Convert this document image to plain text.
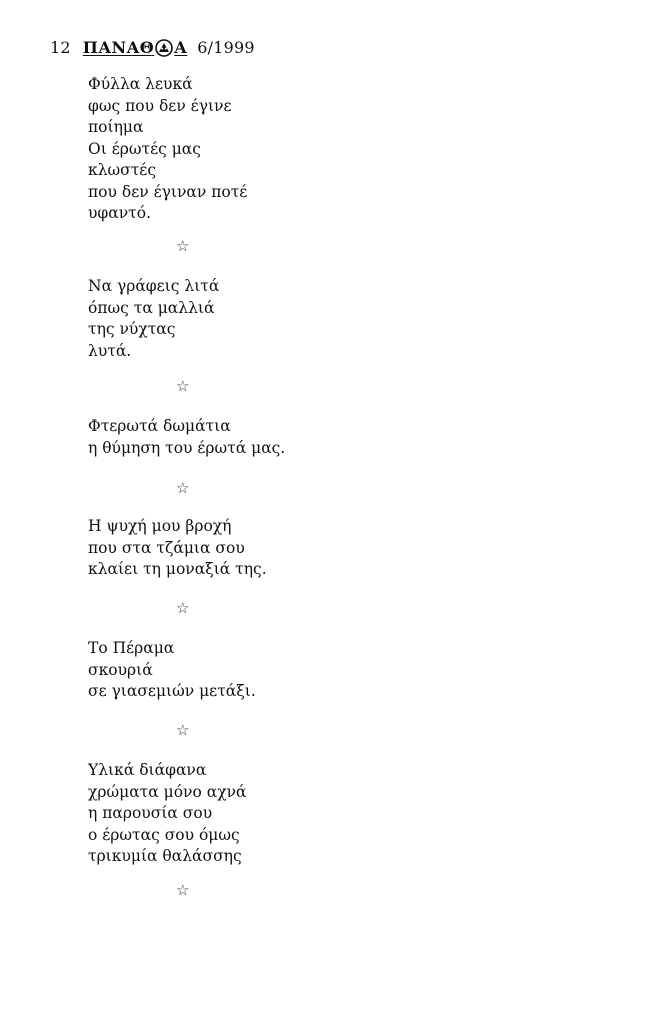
12 ΠΑΝΑΘ Α 6/1999
Φύλλα λευκά
φως που δεν έγινε
ποίημα
Οι έρωτές μας
κλωστές
που δεν έγιναν ποτέ
υφαντό.
☆
Να γράφεις λιτά
όπως τα μαλλιά
της νύχτας
λυτά.
☆
Φτερωτά δωμάτια
η θύμηση του έρωτά μας.
☆
Η ψυχή μου βροχή
που στα τζάμια σου
κλαίει τη μοναξιά της.
☆
Το Πέραμα
σκουριά
σε γιασεμιών μετάξι.
☆
Υλικά διάφανα
χρώματα μόνο αχνά
η παρουσία σου
ο έρωτας σου όμως
τρικυμία θαλάσσης
☆
